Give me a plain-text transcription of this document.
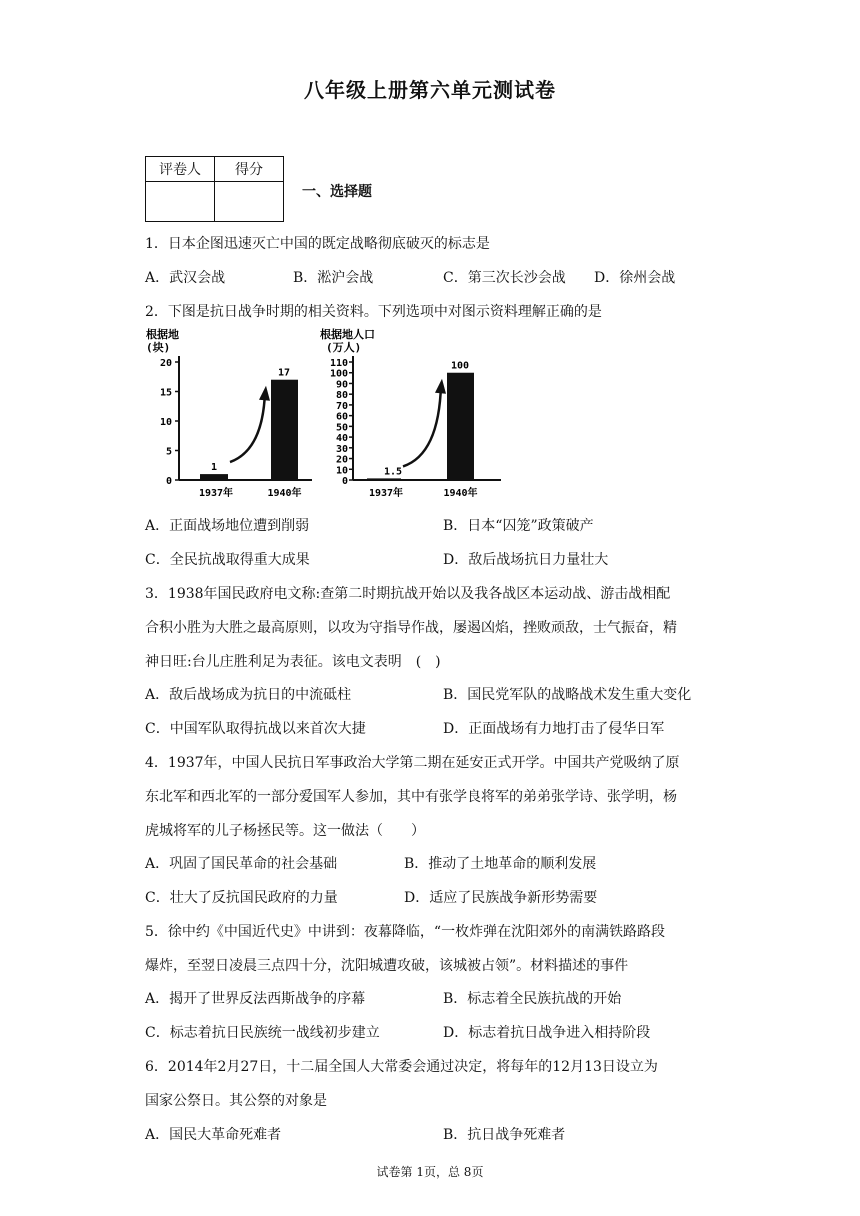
八年级上册第六单元测试卷
评卷人	得分

一、选择题
1．日本企图迅速灭亡中国的既定战略彻底破灭的标志是
A．武汉会战	B．淞沪会战	C．第三次长沙会战 D．徐州会战
2．下图是抗日战争时期的相关资料。下列选项中对图示资料理解正确的是
根据地
(块)
0
5
10
15
20
1
1937年
17
1940年
根据地人口
(万人)
0
10
20
30
40
50
60
70
80
90
100
110
1.5
1937年
100
1940年
A．正面战场地位遭到削弱	B．日本“囚笼”政策破产
C．全民抗战取得重大成果	D．敌后战场抗日力量壮大
3．1938年国民政府电文称:查第二时期抗战开始以及我各战区本运动战、游击战相配
合积小胜为大胜之最高原则，以攻为守指导作战，屡遏凶焰，挫败顽敌，士气振奋，精
神日旺:台儿庄胜利足为表征。该电文表明　(　)
A．敌后战场成为抗日的中流砥柱	B．国民党军队的战略战术发生重大变化
C．中国军队取得抗战以来首次大捷	D．正面战场有力地打击了侵华日军
4．1937年，中国人民抗日军事政治大学第二期在延安正式开学。中国共产党吸纳了原
东北军和西北军的一部分爱国军人参加，其中有张学良将军的弟弟张学诗、张学明，杨
虎城将军的儿子杨拯民等。这一做法（　　）
A．巩固了国民革命的社会基础	B．推动了土地革命的顺利发展
C．壮大了反抗国民政府的力量	D．适应了民族战争新形势需要
5．徐中约《中国近代史》中讲到：夜幕降临，“一枚炸弹在沈阳郊外的南满铁路路段
爆炸，至翌日凌晨三点四十分，沈阳城遭攻破，该城被占领”。材料描述的事件
A．揭开了世界反法西斯战争的序幕	B．标志着全民族抗战的开始
C．标志着抗日民族统一战线初步建立	D．标志着抗日战争进入相持阶段
6．2014年2月27日，十二届全国人大常委会通过决定，将每年的12月13日设立为
国家公祭日。其公祭的对象是
A．国民大革命死难者	B．抗日战争死难者
试卷第 1页，总 8页
